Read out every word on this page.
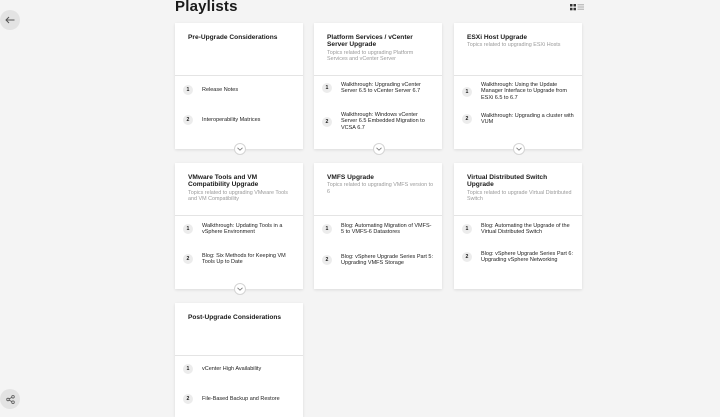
Playlists
Pre-Upgrade Considerations
1	Release Notes
2	Interoperability Matrices
Platform Services / vCenter Server Upgrade
Topics related to upgrading Platform Services and vCenter Server
1
Walkthrough: Upgrading vCenter Server 6.5 to vCenter Server 6.7
2
Walkthrough: Windows vCenter Server 6.5 Embedded Migration to VCSA 6.7
ESXi Host Upgrade
Topics related to upgrading ESXi Hosts
1
Walkthrough: Using the Update Manager Interface to Upgrade from ESXi 6.5 to 6.7
2
Walkthrough: Upgrading a cluster with VUM
VMware Tools and VM Compatibility Upgrade
Topics related to upgrading VMware Tools and VM Compatibility
1
Walkthrough: Updating Tools in a vSphere Environment
2
Blog: Six Methods for Keeping VM Tools Up to Date
VMFS Upgrade
Topics related to upgrading VMFS version to 6
1
Blog: Automating Migration of VMFS-5 to VMFS-6 Datastores
2
Blog: vSphere Upgrade Series Part 5: Upgrading VMFS Storage
Virtual Distributed Switch Upgrade
Topics related to upgrade Virtual Distributed Switch
1
Blog: Automating the Upgrade of the Virtual Distributed Switch
2
Blog: vSphere Upgrade Series Part 6: Upgrading vSphere Networking
Post-Upgrade Considerations
1	vCenter High Availability
2	File-Based Backup and Restore
